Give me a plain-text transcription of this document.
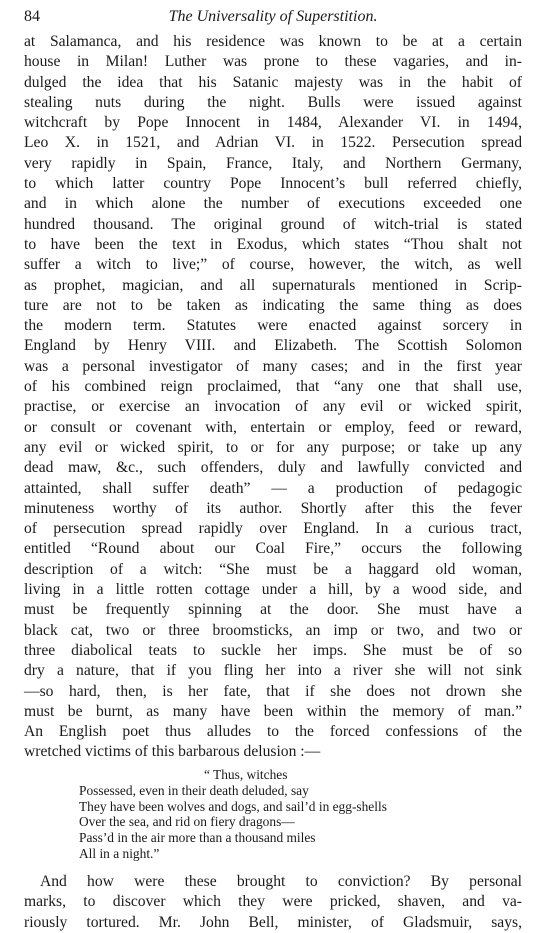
84	The Universality of Superstition.
at Salamanca, and his residence was known to be at a certain
house in Milan! Luther was prone to these vagaries, and in-
dulged the idea that his Satanic majesty was in the habit of
stealing nuts during the night. Bulls were issued against
witchcraft by Pope Innocent in 1484, Alexander VI. in 1494,
Leo X. in 1521, and Adrian VI. in 1522. Persecution spread
very rapidly in Spain, France, Italy, and Northern Germany,
to which latter country Pope Innocent’s bull referred chiefly,
and in which alone the number of executions exceeded one
hundred thousand. The original ground of witch-trial is stated
to have been the text in Exodus, which states “Thou shalt not
suffer a witch to live;” of course, however, the witch, as well
as prophet, magician, and all supernaturals mentioned in Scrip-
ture are not to be taken as indicating the same thing as does
the modern term. Statutes were enacted against sorcery in
England by Henry VIII. and Elizabeth. The Scottish Solomon
was a personal investigator of many cases; and in the first year
of his combined reign proclaimed, that “any one that shall use,
practise, or exercise an invocation of any evil or wicked spirit,
or consult or covenant with, entertain or employ, feed or reward,
any evil or wicked spirit, to or for any purpose; or take up any
dead maw, &c., such offenders, duly and lawfully convicted and
attainted, shall suffer death” — a production of pedagogic
minuteness worthy of its author. Shortly after this the fever
of persecution spread rapidly over England. In a curious tract,
entitled “Round about our Coal Fire,” occurs the following
description of a witch: “She must be a haggard old woman,
living in a little rotten cottage under a hill, by a wood side, and
must be frequently spinning at the door. She must have a
black cat, two or three broomsticks, an imp or two, and two or
three diabolical teats to suckle her imps. She must be of so
dry a nature, that if you fling her into a river she will not sink
—so hard, then, is her fate, that if she does not drown she
must be burnt, as many have been within the memory of man.”
An English poet thus alludes to the forced confessions of the
wretched victims of this barbarous delusion :—
“ Thus, witches
Possessed, even in their death deluded, say
They have been wolves and dogs, and sail’d in egg-shells
Over the sea, and rid on fiery dragons—
Pass’d in the air more than a thousand miles
All in a night.”
And how were these brought to conviction? By personal
marks, to discover which they were pricked, shaven, and va-
riously tortured. Mr. John Bell, minister, of Gladsmuir, says,
